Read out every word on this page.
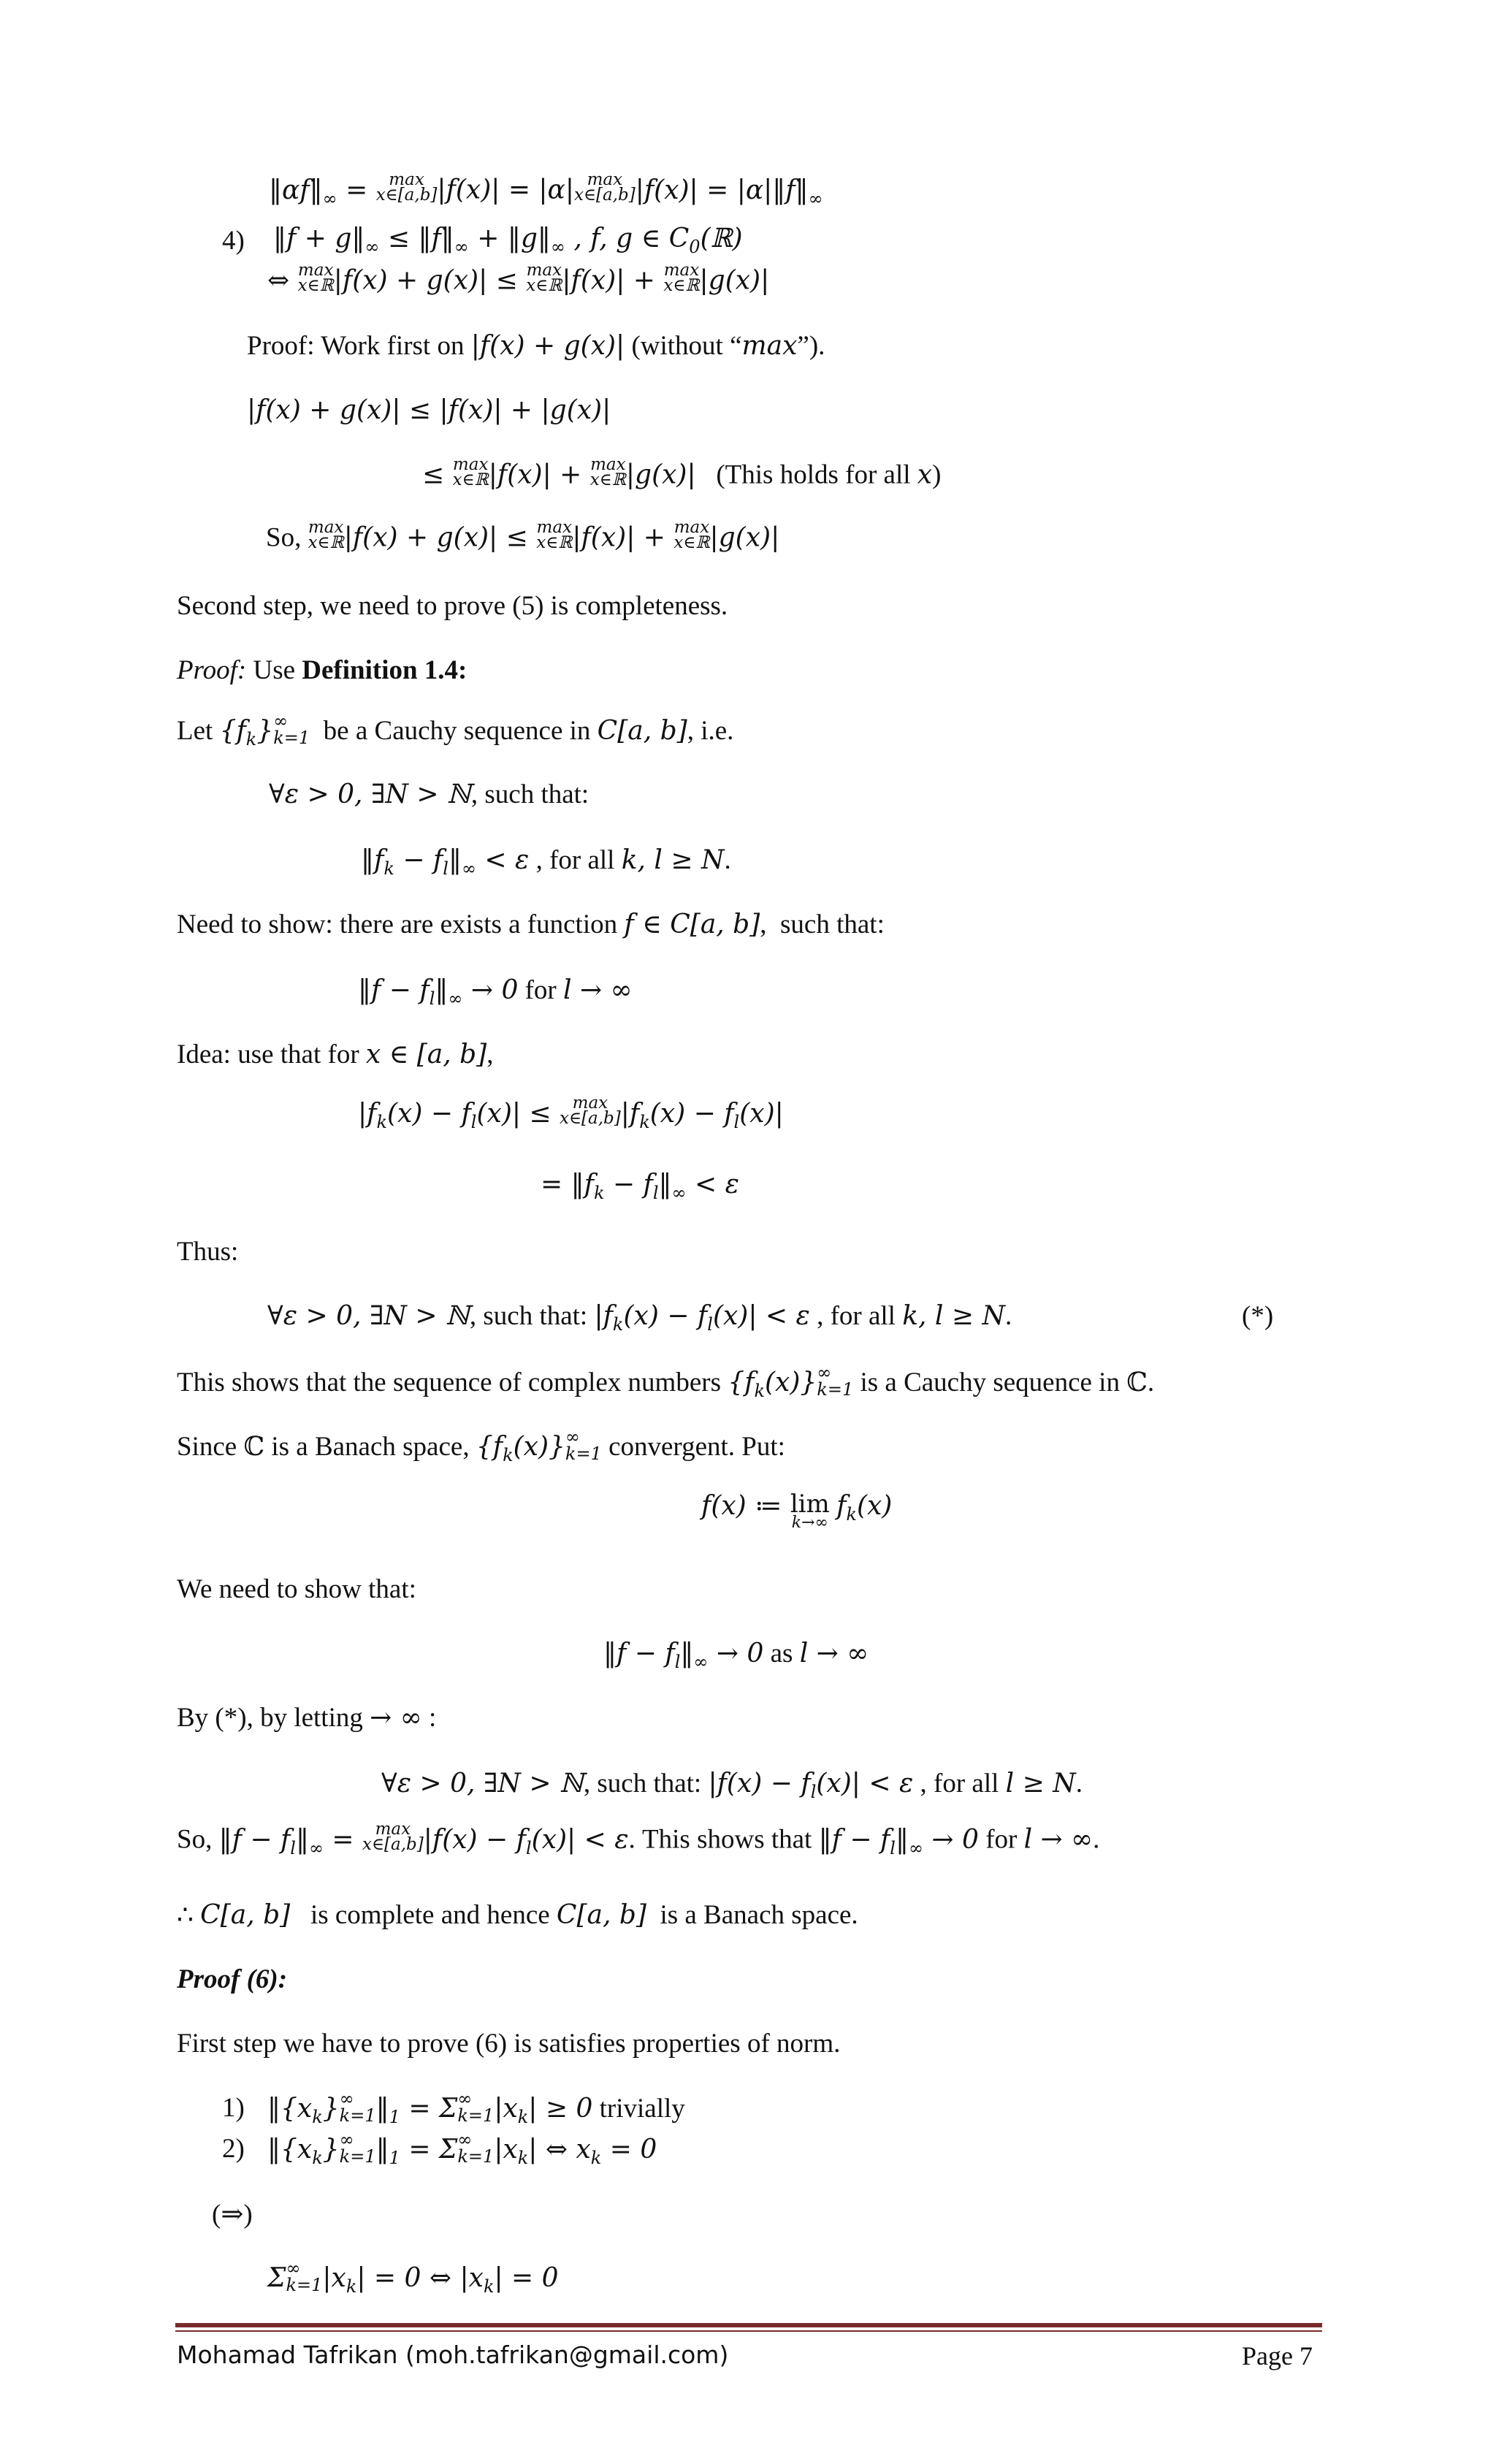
$‖\alpha f‖_\infty = \max$
x∈[a,b] |f(x)| = |α| max
x∈[a,b] $|f(x)| = |\alpha|‖f‖_\infty$
4) ‖f + $g‖_\infty$ ≤ $‖f‖_\infty$ + $‖g‖_\infty$ , f, g ∈ $C_0(ℝ)$
⇔ max
x∈ℝ |f(x) + g(x)| ≤ max
x∈ℝ |f(x)| + max
x∈ℝ |g(x)|
Proof: Work first on |f(x) + g(x)| (without “max”).
|f(x) + g(x)| ≤ |f(x)| + |g(x)|
≤ max
x∈ℝ |f(x)| + max
x∈ℝ |g(x)|   (This holds for all x)
So, max
x∈ℝ |f(x) + g(x)| ≤ max
x∈ℝ |f(x)| + max
x∈ℝ |g(x)|
Second step, we need to prove (5) is completeness.
Proof: Use Definition 1.4:
Let $\{f_k\}$ ∞
k=1 be a Cauchy sequence in C[a, b], i.e.
∀ε > 0, ∃N > ℕ, such that:
$‖f_k$ − $f_l‖_\infty < \varepsilon$ , for all k, l ≥ N.
Need to show: there are exists a function f ∈ C[a, b],  such that:
‖f − $f_l‖_\infty \to 0$ for l → ∞
Idea: use that for x ∈ [a, b],
$|f_k(x) - f_l(x)| \le \max$
x∈[a,b] $|f_k(x) - f_l(x)|$
= $‖f_k$ − $f_l‖_\infty < \varepsilon$
Thus:
∀ε > 0, ∃N > ℕ, such that: $|f_k(x) - f_l(x)| < \varepsilon$ , for all k, l ≥ N.	(*)
This shows that the sequence of complex numbers $\{f_k(x)\}$ ∞
k=1 is a Cauchy sequence in ℂ.
Since ℂ is a Banach space, $\{f_k(x)\}$ ∞
k=1 convergent. Put:
f(x) ≔ lim
k→∞
$f_k(x)$
We need to show that:
‖f − $f_l‖_\infty \to 0$ as l → ∞
By (*), by letting → ∞ :
∀ε > 0, ∃N > ℕ, such that: $|f(x) - f_l(x)| < \varepsilon$ , for all l ≥ N.
So, ‖f − $f_l‖_\infty = \max$
x∈[a,b] $|f(x) - f_l(x)| < \varepsilon$. This shows that ‖f − $f_l‖_\infty \to 0$ for l → ∞.
∴ C[a, b]   is complete and hence C[a, b]  is a Banach space.
Proof (6):
First step we have to prove (6) is satisfies properties of norm.
1) $‖\{x_k\}$ ∞
k=1 $‖_1 = \Sigma$ ∞
k=1 $|x_k| \ge 0$ trivially
2) $‖\{x_k\}$ ∞
k=1 $‖_1 = \Sigma$ ∞
k=1 $|x_k|$ ⇔ $x_k = 0$
(⇒)
Σ ∞
k=1 $|x_k| = 0$ ⇔ $|x_k| = 0$
Mohamad Tafrikan (moh.tafrikan@gmail.com)	Page 7
